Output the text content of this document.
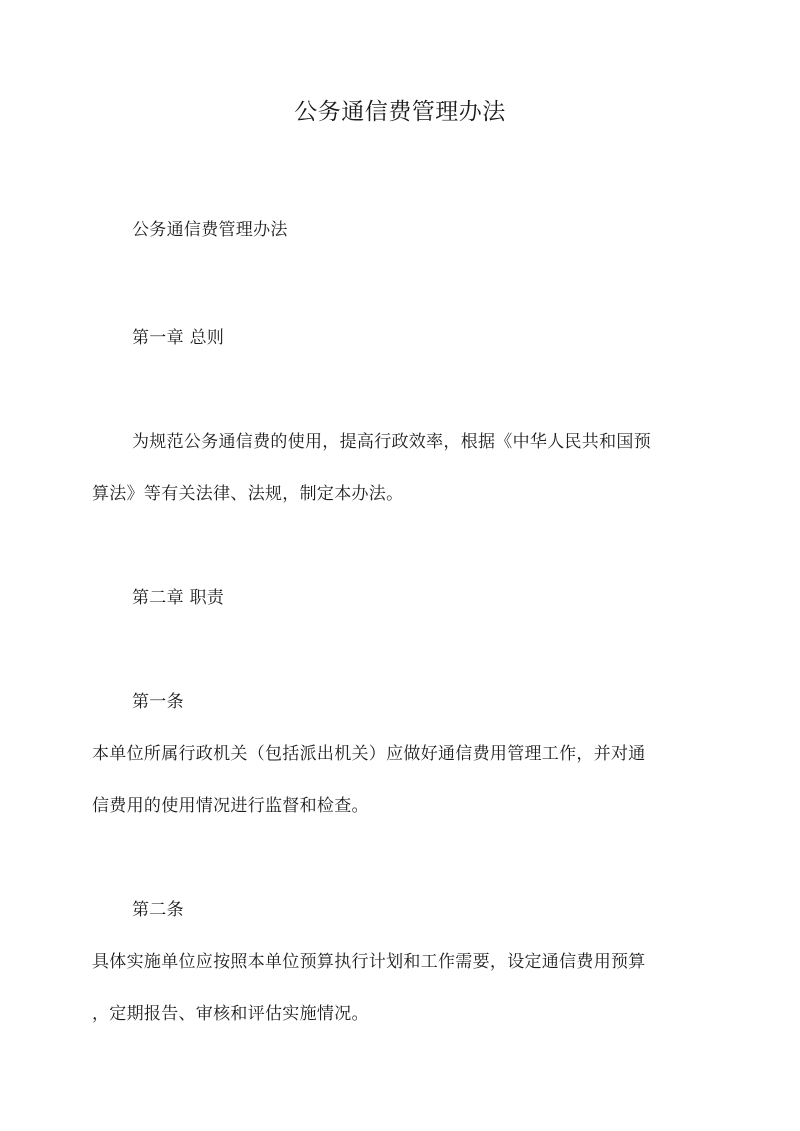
公务通信费管理办法

公务通信费管理办法

第一章 总则

为规范公务通信费的使用，提高行政效率，根据《中华人民共和国预
算法》等有关法律、法规，制定本办法。

第二章 职责

第一条

本单位所属行政机关（包括派出机关）应做好通信费用管理工作，并对通
信费用的使用情况进行监督和检查。

第二条

具体实施单位应按照本单位预算执行计划和工作需要，设定通信费用预算
，定期报告、审核和评估实施情况。
